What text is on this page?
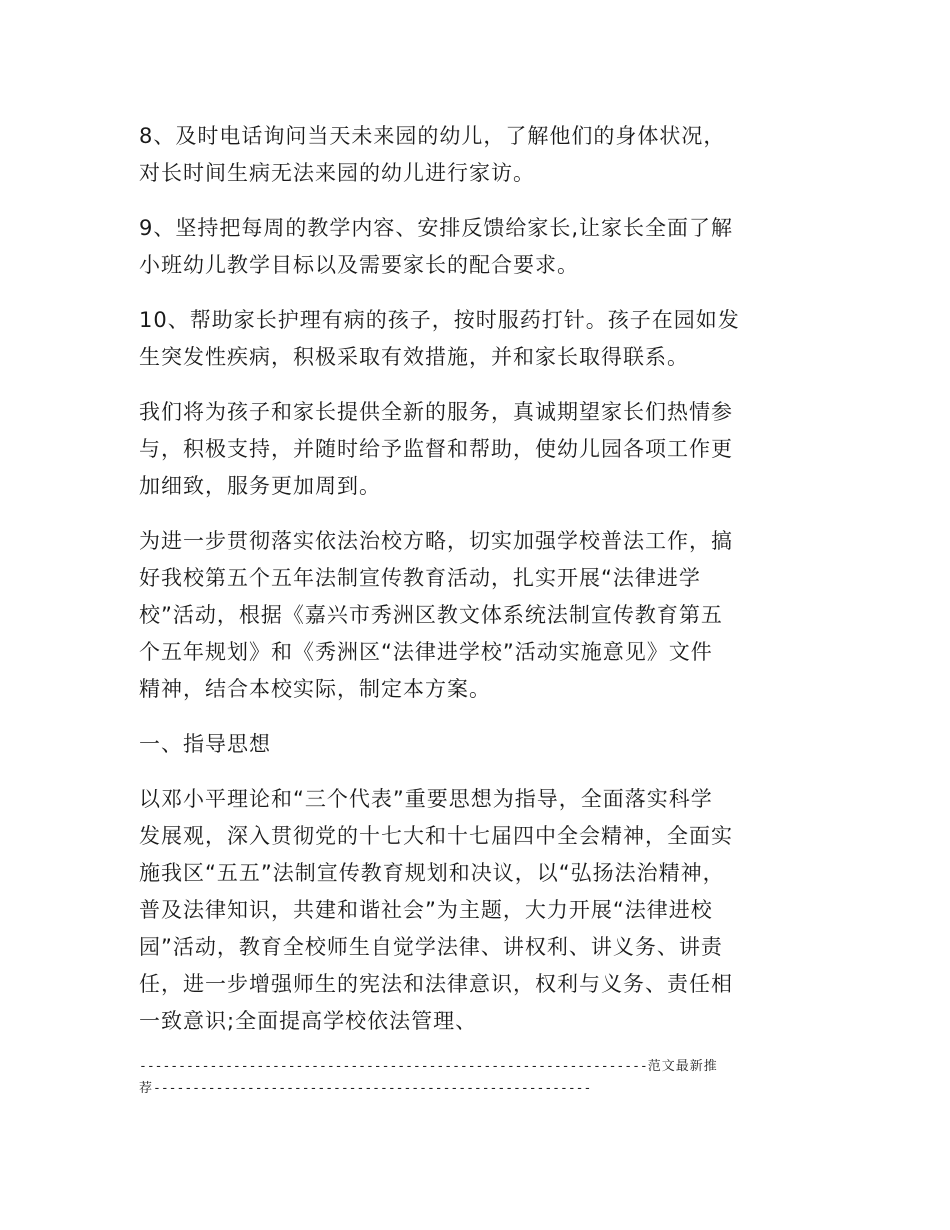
8、及时电话询问当天未来园的幼儿，了解他们的身体状况，
对长时间生病无法来园的幼儿进行家访。

9、坚持把每周的教学内容、安排反馈给家长,让家长全面了解
小班幼儿教学目标以及需要家长的配合要求。

10、帮助家长护理有病的孩子，按时服药打针。孩子在园如发
生突发性疾病，积极采取有效措施，并和家长取得联系。

我们将为孩子和家长提供全新的服务，真诚期望家长们热情参
与，积极支持，并随时给予监督和帮助，使幼儿园各项工作更
加细致，服务更加周到。

为进一步贯彻落实依法治校方略，切实加强学校普法工作，搞
好我校第五个五年法制宣传教育活动，扎实开展“法律进学
校”活动，根据《嘉兴市秀洲区教文体系统法制宣传教育第五
个五年规划》和《秀洲区“法律进学校”活动实施意见》文件
精神，结合本校实际，制定本方案。

一、指导思想

以邓小平理论和“三个代表”重要思想为指导，全面落实科学
发展观，深入贯彻党的十七大和十七届四中全会精神，全面实
施我区“五五”法制宣传教育规划和决议，以“弘扬法治精神，
普及法律知识，共建和谐社会”为主题，大力开展“法律进校
园”活动，教育全校师生自觉学法律、讲权利、讲义务、讲责
任，进一步增强师生的宪法和法律意识，权利与义务、责任相
一致意识;全面提高学校依法管理、

-----------------------------------------------------------------范文最新推
荐--------------------------------------------------------
